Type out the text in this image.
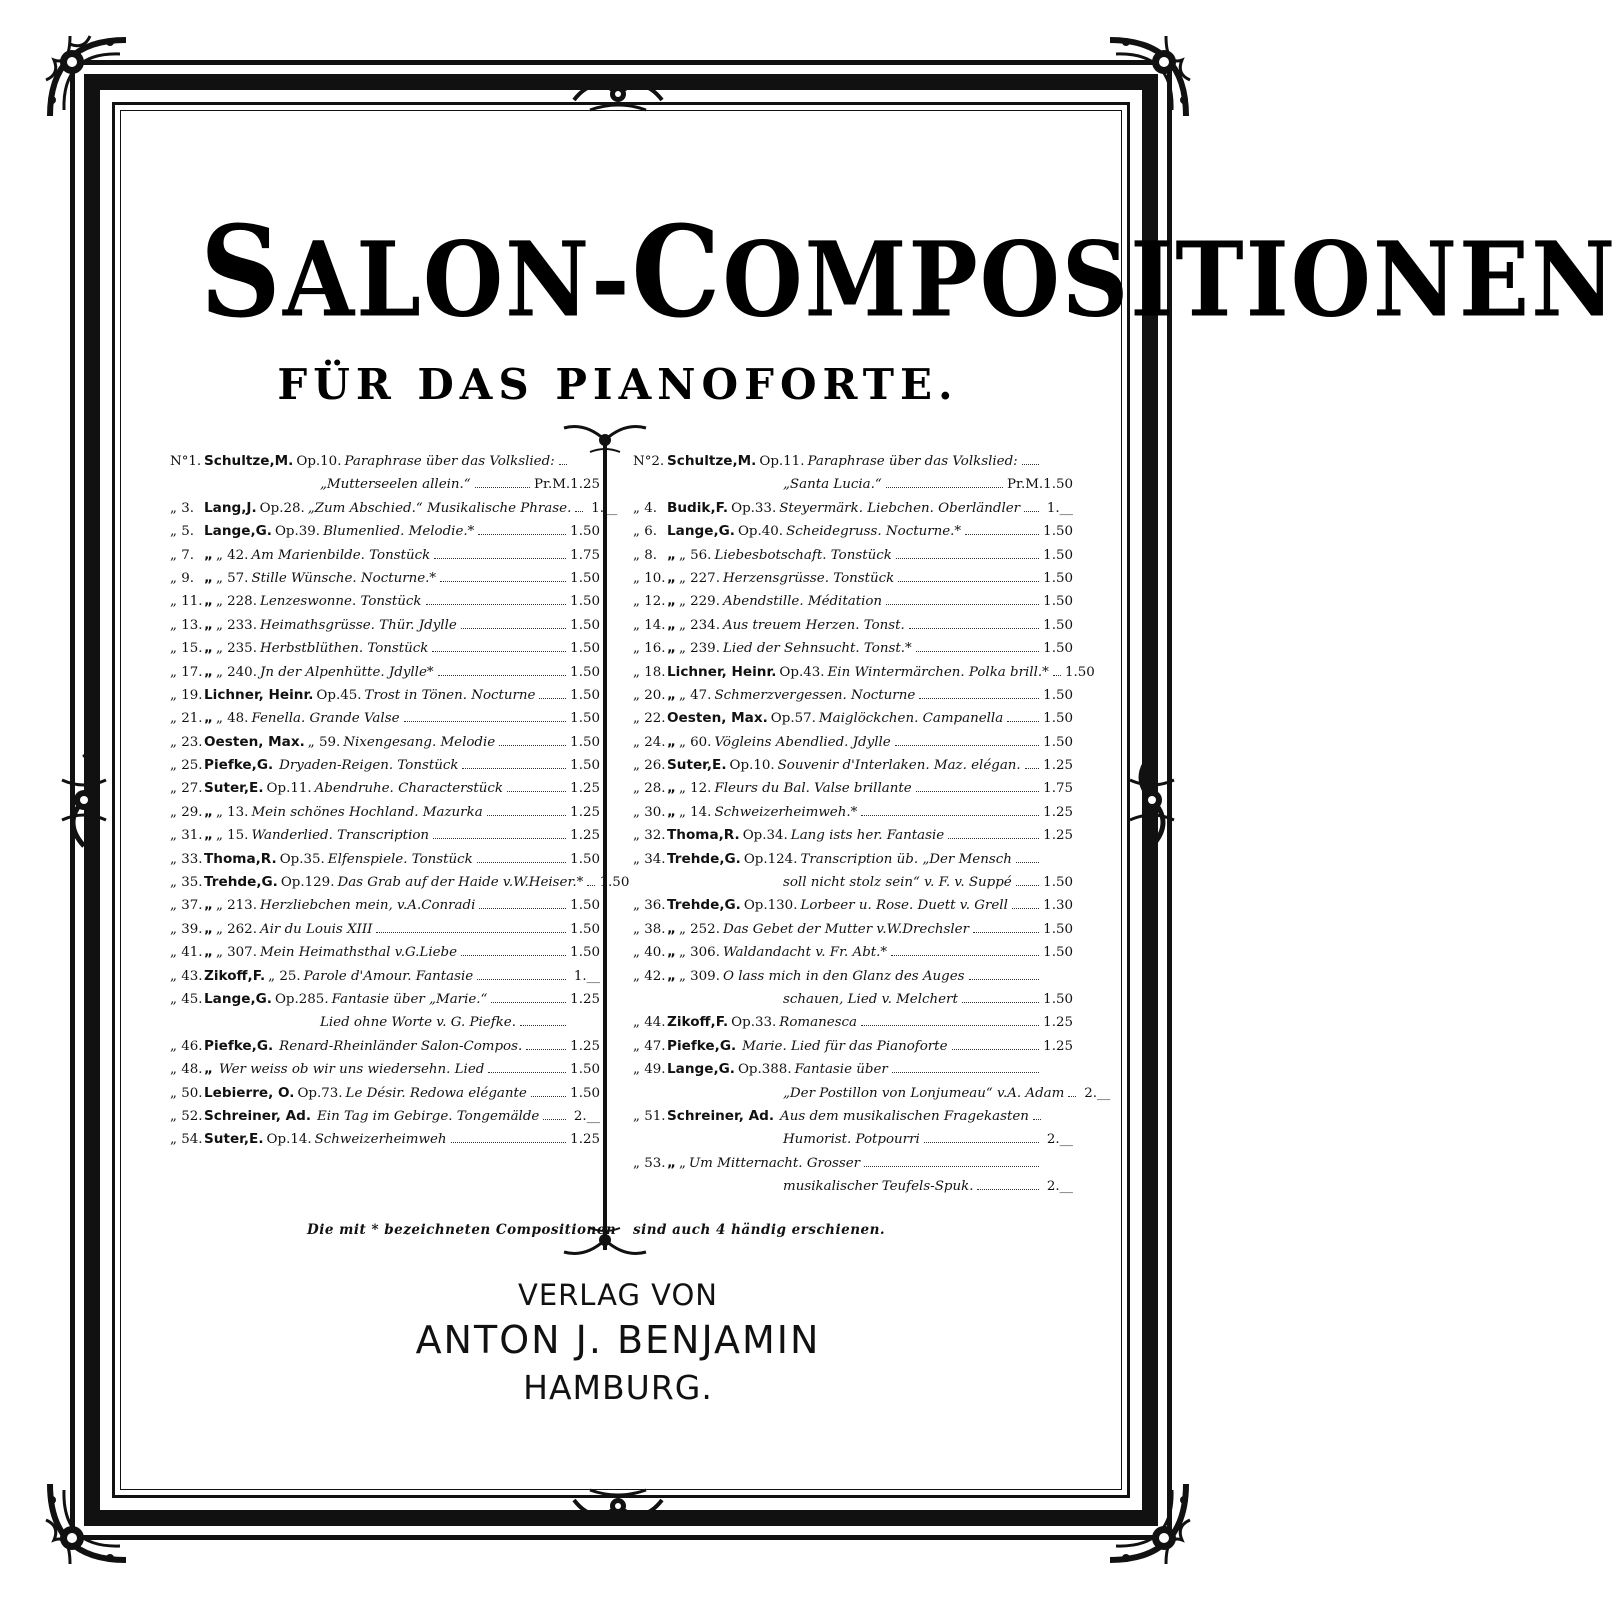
SALON-COMPOSITIONEN
FÜR DAS PIANOFORTE.
N°1. Schultze,M. Op.10. Paraphrase über das Volkslied:
„Mutterseelen allein.“	Pr.M.1.25
„ 3. Lang,J. Op.28. „Zum Abschied.“ Musikalische Phrase. 1.__
„ 5. Lange,G. Op.39. Blumenlied. Melodie.*	1.50
„ 7. „ „ 42. Am Marienbilde. Tonstück	1.75
„ 9. „ „ 57. Stille Wünsche. Nocturne.*	1.50
„ 11. „ „ 228. Lenzeswonne. Tonstück	1.50
„ 13. „ „ 233. Heimathsgrüsse. Thür. Jdylle	1.50
„ 15. „ „ 235. Herbstblüthen. Tonstück	1.50
„ 17. „ „ 240. Jn der Alpenhütte. Jdylle*	1.50
„ 19. Lichner, Heinr. Op.45. Trost in Tönen. Nocturne	1.50
„ 21. „ „ 48. Fenella. Grande Valse	1.50
„ 23. Oesten, Max. „ 59. Nixengesang. Melodie	1.50
„ 25. Piefke,G. Dryaden-Reigen. Tonstück	1.50
„ 27. Suter,E. Op.11. Abendruhe. Characterstück	1.25
„ 29. „ „ 13. Mein schönes Hochland. Mazurka	1.25
„ 31. „ „ 15. Wanderlied. Transcription	1.25
„ 33. Thoma,R. Op.35. Elfenspiele. Tonstück	1.50
„ 35. Trehde,G. Op.129. Das Grab auf der Haide v.W.Heiser.* 1.50
„ 37. „ „ 213. Herzliebchen mein, v.A.Conradi	1.50
„ 39. „ „ 262. Air du Louis XIII	1.50
„ 41. „ „ 307. Mein Heimathsthal v.G.Liebe	1.50
„ 43. Zikoff,F. „ 25. Parole d'Amour. Fantasie	1.__
„ 45. Lange,G. Op.285. Fantasie über „Marie.“	1.25
Lied ohne Worte v. G. Piefke.
„ 46. Piefke,G. Renard-Rheinländer Salon-Compos.	1.25
„ 48. „ Wer weiss ob wir uns wiedersehn. Lied	1.50
„ 50. Lebierre, O. Op.73. Le Désir. Redowa elégante	1.50
„ 52. Schreiner, Ad. Ein Tag im Gebirge. Tongemälde	2.__
„ 54. Suter,E. Op.14. Schweizerheimweh	1.25
N°2. Schultze,M. Op.11. Paraphrase über das Volkslied:
„Santa Lucia.“	Pr.M.1.50
„ 4. Budik,F. Op.33. Steyermärk. Liebchen. Oberländler 1.__
„ 6. Lange,G. Op.40. Scheidegruss. Nocturne.*	1.50
„ 8. „ „ 56. Liebesbotschaft. Tonstück	1.50
„ 10. „ „ 227. Herzensgrüsse. Tonstück	1.50
„ 12. „ „ 229. Abendstille. Méditation	1.50
„ 14. „ „ 234. Aus treuem Herzen. Tonst.	1.50
„ 16. „ „ 239. Lied der Sehnsucht. Tonst.*	1.50
„ 18. Lichner, Heinr. Op.43. Ein Wintermärchen. Polka brill.* 1.50
„ 20. „ „ 47. Schmerzvergessen. Nocturne	1.50
„ 22. Oesten, Max. Op.57. Maiglöckchen. Campanella	1.50
„ 24. „ „ 60. Vögleins Abendlied. Jdylle	1.50
„ 26. Suter,E. Op.10. Souvenir d'Interlaken. Maz. elégan. 1.25
„ 28. „ „ 12. Fleurs du Bal. Valse brillante	1.75
„ 30. „ „ 14. Schweizerheimweh.*	1.25
„ 32. Thoma,R. Op.34. Lang ists her. Fantasie	1.25
„ 34. Trehde,G. Op.124. Transcription üb. „Der Mensch
soll nicht stolz sein“ v. F. v. Suppé 1.50
„ 36. Trehde,G. Op.130. Lorbeer u. Rose. Duett v. Grell	1.30
„ 38. „ „ 252. Das Gebet der Mutter v.W.Drechsler	1.50
„ 40. „ „ 306. Waldandacht v. Fr. Abt.*	1.50
„ 42. „ „ 309. O lass mich in den Glanz des Auges
schauen, Lied v. Melchert	1.50
„ 44. Zikoff,F. Op.33. Romanesca	1.25
„ 47. Piefke,G. Marie. Lied für das Pianoforte	1.25
„ 49. Lange,G. Op.388. Fantasie über
„Der Postillon von Lonjumeau“ v.A. Adam 2.__
„ 51. Schreiner, Ad. Aus dem musikalischen Fragekasten
Humorist. Potpourri	2.__
„ 53. „ „ Um Mitternacht. Grosser
musikalischer Teufels-Spuk.	2.__
Die mit * bezeichneten Compositionen sind auch 4 händig erschienen.
VERLAG VON
ANTON J. BENJAMIN
HAMBURG.
